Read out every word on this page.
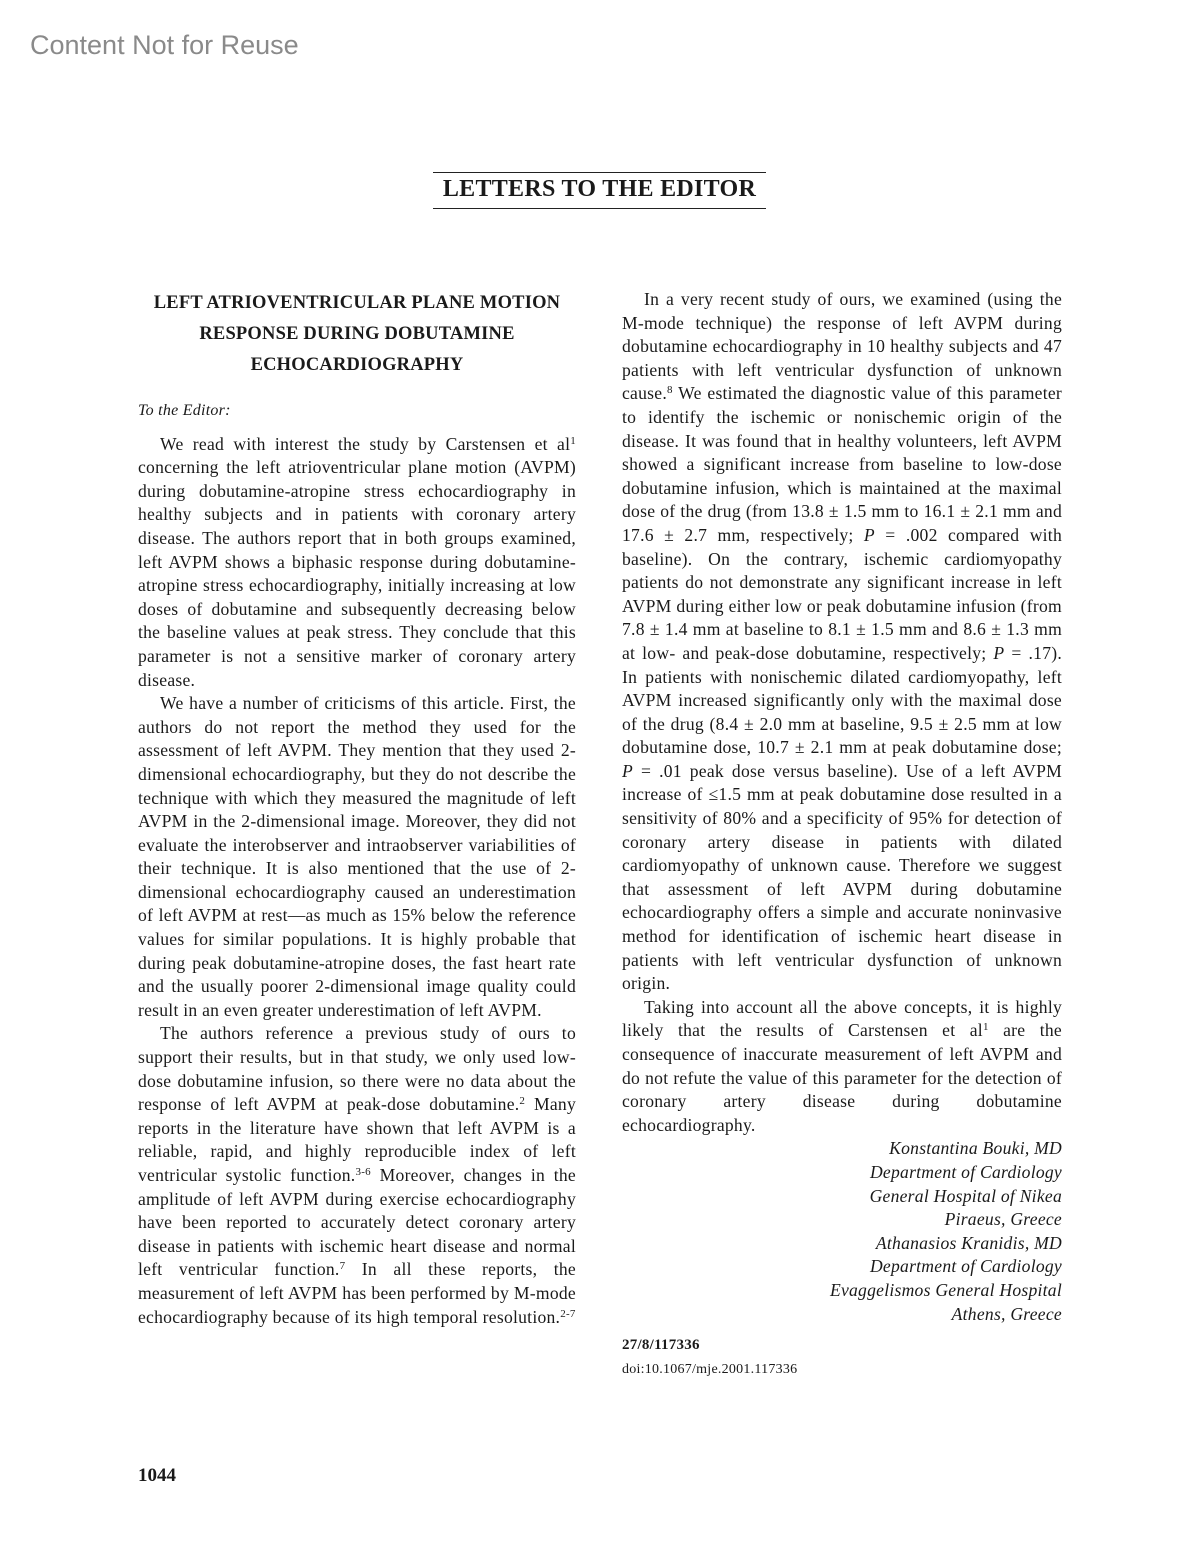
Content Not for Reuse
LETTERS TO THE EDITOR
LEFT ATRIOVENTRICULAR PLANE MOTION
RESPONSE DURING DOBUTAMINE
ECHOCARDIOGRAPHY
To the Editor:

We read with interest the study by Carstensen et $al^1$ concerning the left atrioventricular plane motion (AVPM) during dobutamine-atropine stress echocardiography in healthy subjects and in patients with coronary artery disease. The authors report that in both groups examined, left AVPM shows a biphasic response during dobutamine-atropine stress echocardiography, initially increasing at low doses of dobutamine and subsequently decreasing below the baseline values at peak stress. They conclude that this parameter is not a sensitive marker of coronary artery disease.

We have a number of criticisms of this article. First, the authors do not report the method they used for the assessment of left AVPM. They mention that they used 2-dimensional echocardiography, but they do not describe the technique with which they measured the magnitude of left AVPM in the 2-dimensional image. Moreover, they did not evaluate the interobserver and intraobserver variabilities of their technique. It is also mentioned that the use of 2-dimensional echocardiography caused an underestimation of left AVPM at rest—as much as 15% below the reference values for similar populations. It is highly probable that during peak dobutamine-atropine doses, the fast heart rate and the usually poorer 2-dimensional image quality could result in an even greater underestimation of left AVPM.

The authors reference a previous study of ours to support their results, but in that study, we only used low-dose dobutamine infusion, so there were no data about the response of left AVPM at peak-dose dobutamine.$^2$ Many reports in the literature have shown that left AVPM is a reliable, rapid, and highly reproducible index of left ventricular systolic function.$^{3-6}$ Moreover, changes in the amplitude of left AVPM during exercise echocardiography have been reported to accurately detect coronary artery disease in patients with ischemic heart disease and normal left ventricular function.$^7$ In all these reports, the measurement of left AVPM has been performed by M-mode echocardiography because of its high temporal resolution.$^{2-7}$

In a very recent study of ours, we examined (using the M-mode technique) the response of left AVPM during dobutamine echocardiography in 10 healthy subjects and 47 patients with left ventricular dysfunction of unknown cause.$^8$ We estimated the diagnostic value of this parameter to identify the ischemic or nonischemic origin of the disease. It was found that in healthy volunteers, left AVPM showed a significant increase from baseline to low-dose dobutamine infusion, which is maintained at the maximal dose of the drug (from 13.8 ± 1.5 mm to 16.1 ± 2.1 mm and 17.6 ± 2.7 mm, respectively; P = .002 compared with baseline). On the contrary, ischemic cardiomyopathy patients do not demonstrate any significant increase in left AVPM during either low or peak dobutamine infusion (from 7.8 ± 1.4 mm at baseline to 8.1 ± 1.5 mm and 8.6 ± 1.3 mm at low- and peak-dose dobutamine, respectively; P = .17). In patients with nonischemic dilated cardiomyopathy, left AVPM increased significantly only with the maximal dose of the drug (8.4 ± 2.0 mm at baseline, 9.5 ± 2.5 mm at low dobutamine dose, 10.7 ± 2.1 mm at peak dobutamine dose; P = .01 peak dose versus baseline). Use of a left AVPM increase of ≤1.5 mm at peak dobutamine dose resulted in a sensitivity of 80% and a specificity of 95% for detection of coronary artery disease in patients with dilated cardiomyopathy of unknown cause. Therefore we suggest that assessment of left AVPM during dobutamine echocardiography offers a simple and accurate noninvasive method for identification of ischemic heart disease in patients with left ventricular dysfunction of unknown origin.

Taking into account all the above concepts, it is highly likely that the results of Carstensen et $al^1$ are the consequence of inaccurate measurement of left AVPM and do not refute the value of this parameter for the detection of coronary artery disease during dobutamine echocardiography.

Konstantina Bouki, MD

Department of Cardiology

General Hospital of Nikea

Piraeus, Greece

Athanasios Kranidis, MD

Department of Cardiology

Evaggelismos General Hospital

Athens, Greece

27/8/117336
doi:10.1067/mje.2001.117336
1044
